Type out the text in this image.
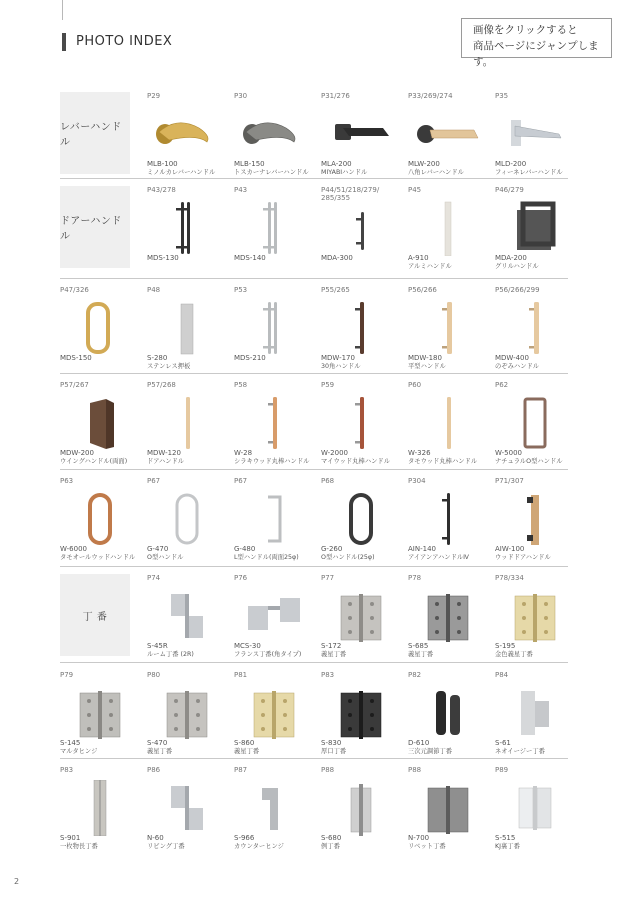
PHOTO INDEX
画像をクリックすると
商品ページにジャンプします。
2
レバーハンドル
P29
MLB-100
ミノルカレバーハンドル
P30
MLB-150
トスカーナレバーハンドル
P31/276
MLA-200
MIYABIハンドル
P33/269/274
MLW-200
八角レバーハンドル
P35
MLD-200
フィーネレバーハンドル
ドアーハンドル
P43/278
MDS-130
P43
MDS-140
P44/51/218/279/
285/355
MDA-300
P45
A-910
アルミハンドル
P46/279
MDA-200
グリルハンドル
P47/326
MDS-150
P48
S-280
ステンレス押板
P53
MDS-210
P55/265
MDW-170
30角ハンドル
P56/266
MDW-180
平型ハンドル
P56/266/299
MDW-400
のぞみハンドル
P57/267
MDW-200
ウイングハンドル(両面)
P57/268
MDW-120
ドアハンドル
P58
W-28
シラキウッド丸棒ハンドル
P59
W-2000
マイウッド丸棒ハンドル
P60
W-326
タモウッド丸棒ハンドル
P62
W-5000
ナチュラルO型ハンドル
P63
W-6000
タモオールウッドハンドル
P67
G-470
O型ハンドル
P67
G-480
L型ハンドル(両面25φ)
P68
G-260
O型ハンドル(25φ)
P304
AIN-140
アイアンアハンドルⅣ
P71/307
AIW-100
ウッドドアハンドル
丁 番
P74
S-45R
ルーム丁番 (2R)
P76
MCS-30
フランス丁番(角タイプ)
P77
S-172
義星丁番
P78
S-685
義星丁番
P78/334
S-195
金色義星丁番
P79
S-145
マルタヒンジ
P80
S-470
義星丁番
P81
S-860
義星丁番
P83
S-830
厚口丁番
P82
D-610
三次元調節丁番
P84
S-61
ネオイージー丁番
P83
S-901
一枚物長丁番
P86
N-60
リビング丁番
P87
S-966
カウンターヒンジ
P88
S-680
例丁番
P88
N-700
リベット丁番
P89
S-515
KJ裏丁番
